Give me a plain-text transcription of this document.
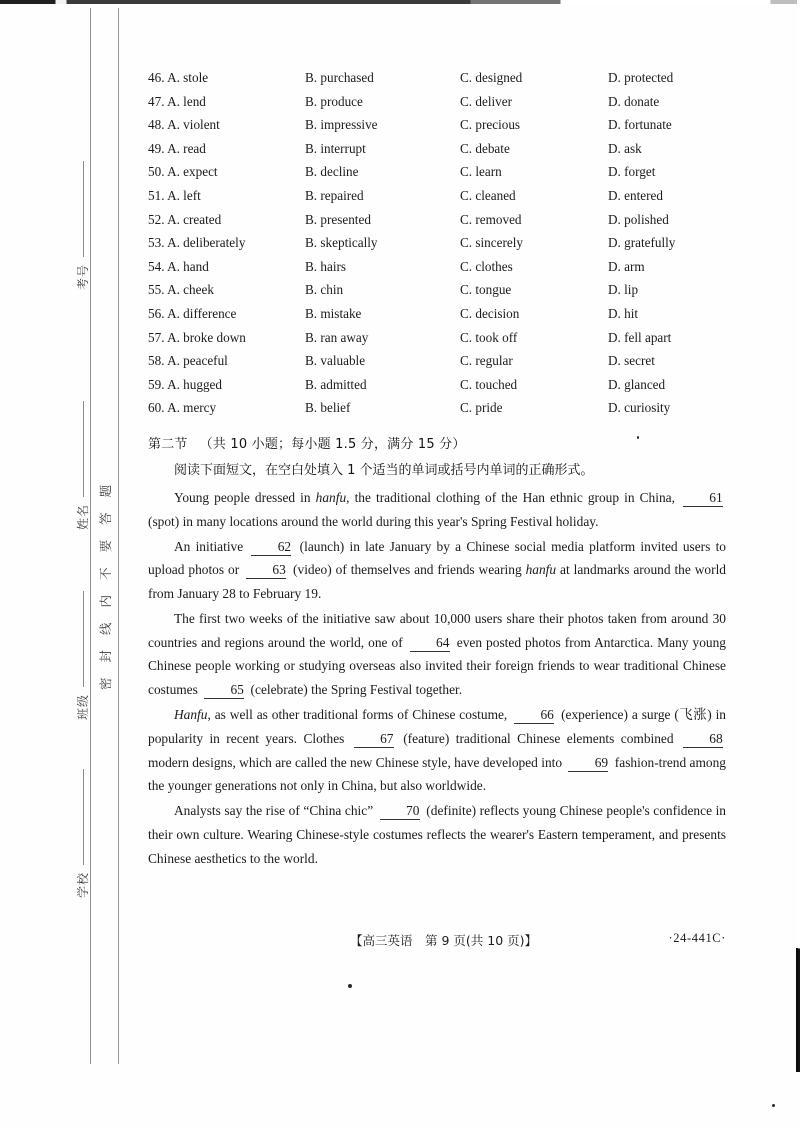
考号
姓名
班级
学校
密封线内不要答题
46. A. stole	B. purchased	C. designed	D. protected
47. A. lend	B. produce	C. deliver	D. donate
48. A. violent	B. impressive	C. precious	D. fortunate
49. A. read	B. interrupt	C. debate	D. ask
50. A. expect	B. decline	C. learn	D. forget
51. A. left	B. repaired	C. cleaned	D. entered
52. A. created	B. presented	C. removed	D. polished
53. A. deliberately	B. skeptically	C. sincerely	D. gratefully
54. A. hand	B. hairs	C. clothes	D. arm
55. A. cheek	B. chin	C. tongue	D. lip
56. A. difference	B. mistake	C. decision	D. hit
57. A. broke down	B. ran away	C. took off	D. fell apart
58. A. peaceful	B. valuable	C. regular	D. secret
59. A. hugged	B. admitted	C. touched	D. glanced
60. A. mercy	B. belief	C. pride	D. curiosity
第二节 （共 10 小题；每小题 1.5 分，满分 15 分）
阅读下面短文，在空白处填入 1 个适当的单词或括号内单词的正确形式。

Young people dressed in hanfu, the traditional clothing of the Han ethnic group in China, 61 (spot) in many locations around the world during this year's Spring Festival holiday.

An initiative 62 (launch) in late January by a Chinese social media platform invited users to upload photos or 63 (video) of themselves and friends wearing hanfu at landmarks around the world from January 28 to February 19.

The first two weeks of the initiative saw about 10,000 users share their photos taken from around 30 countries and regions around the world, one of 64 even posted photos from Antarctica. Many young Chinese people working or studying overseas also invited their foreign friends to wear traditional Chinese costumes 65 (celebrate) the Spring Festival together.

Hanfu, as well as other traditional forms of Chinese costume, 66 (experience) a surge (飞涨) in popularity in recent years. Clothes 67 (feature) traditional Chinese elements combined 68 modern designs, which are called the new Chinese style, have developed into 69 fashion-trend among the younger generations not only in China, but also worldwide.

Analysts say the rise of “China chic” 70 (definite) reflects young Chinese people's confidence in their own culture. Wearing Chinese-style costumes reflects the wearer's Eastern temperament, and presents Chinese aesthetics to the world.

【高三英语　第 9 页(共 10 页)】	·24-441C·
